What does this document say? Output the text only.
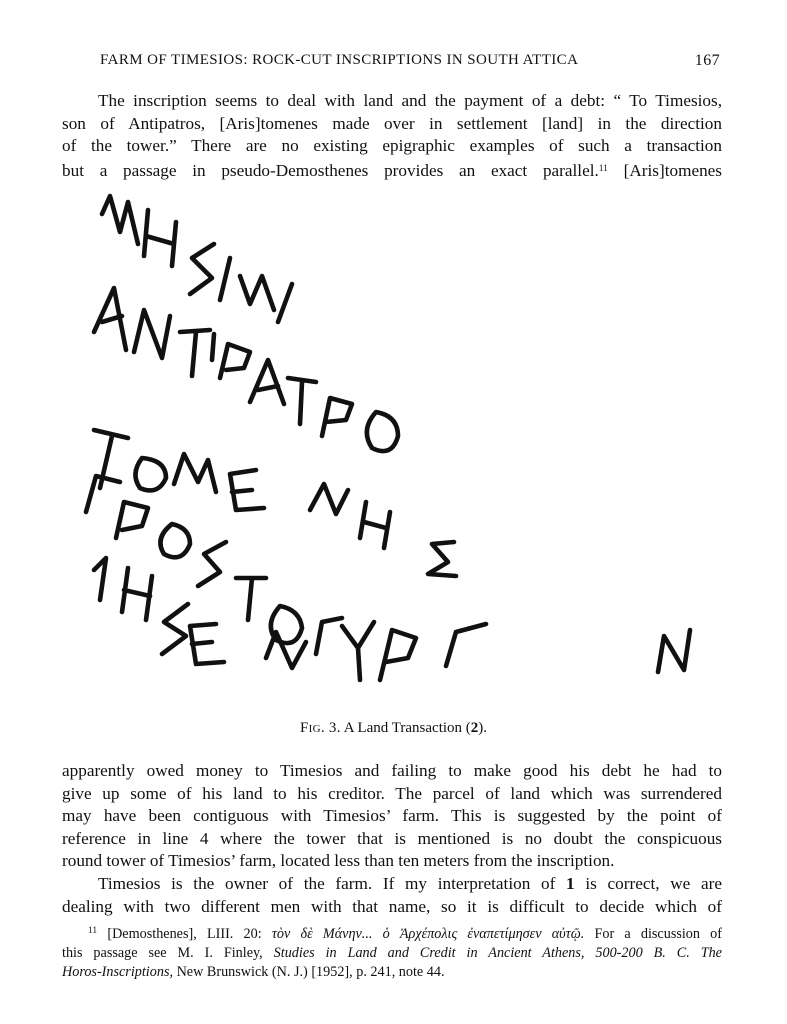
FARM OF TIMESIOS: ROCK-CUT INSCRIPTIONS IN SOUTH ATTICA	167
The inscription seems to deal with land and the payment of a debt: “ To Timesios,
son of Antipatros, [Aris]tomenes made over in settlement [land] in the direction
of the tower.” There are no existing epigraphic examples of such a transaction
but a passage in pseudo-Demosthenes provides an exact parallel.$^{11}$ [Aris]tomenes
Fig. 3. A Land Transaction (2).
apparently owed money to Timesios and failing to make good his debt he had to
give up some of his land to his creditor. The parcel of land which was surrendered
may have been contiguous with Timesios’ farm. This is suggested by the point of
reference in line 4 where the tower that is mentioned is no doubt the conspicuous
round tower of Timesios’ farm, located less than ten meters from the inscription.
Timesios is the owner of the farm. If my interpretation of 1 is correct, we are
dealing with two different men with that name, so it is difficult to decide which of
$^{11}$ [Demosthenes], LIII. 20: τὸν δὲ Μάνην... ὁ Ἀρχέπολις ἐναπετίμησεν αὐτῷ. For a discussion of
this passage see M. I. Finley, Studies in Land and Credit in Ancient Athens, 500-200 B. C. The
Horos-Inscriptions, New Brunswick (N. J.) [1952], p. 241, note 44.
